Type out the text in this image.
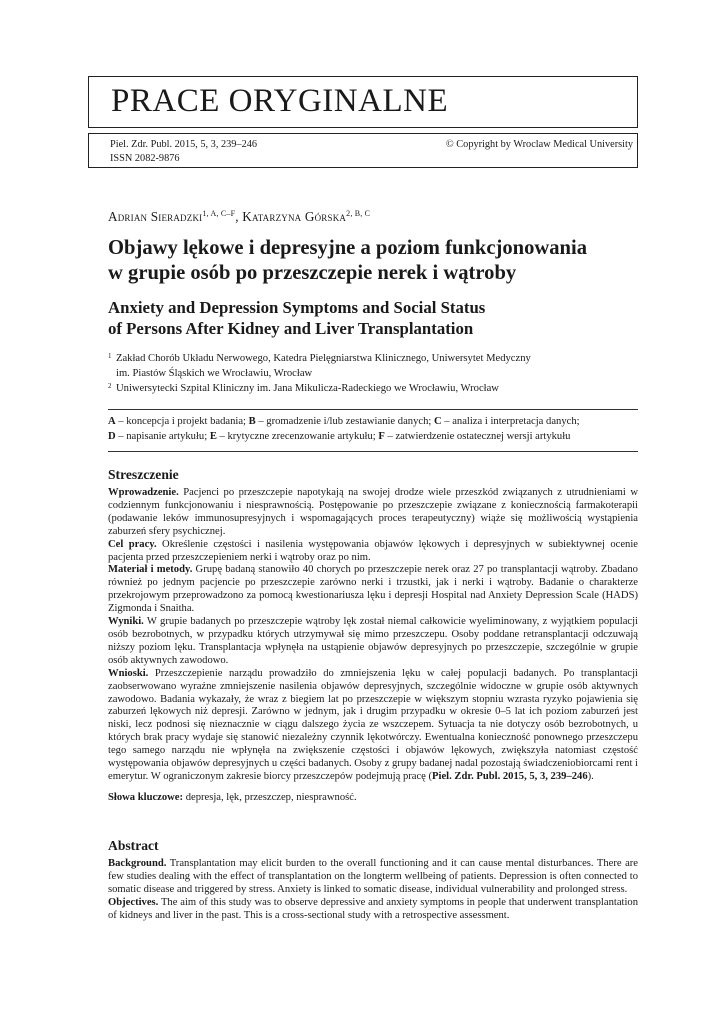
PRACE ORYGINALNE
Piel. Zdr. Publ. 2015, 5, 3, 239–246
ISSN 2082-9876
© Copyright by Wroclaw Medical University
Adrian Sieradzki$^{1, A, C-F}$, Katarzyna Górska$^{2, B, C}$
Objawy lękowe i depresyjne a poziom funkcjonowania
w grupie osób po przeszczepie nerek i wątroby
Anxiety and Depression Symptoms and Social Status
of Persons After Kidney and Liver Transplantation
1 Zakład Chorób Układu Nerwowego, Katedra Pielęgniarstwa Klinicznego, Uniwersytet Medyczny
im. Piastów Śląskich we Wrocławiu, Wrocław
2 Uniwersytecki Szpital Kliniczny im. Jana Mikulicza-Radeckiego we Wrocławiu, Wrocław
A – koncepcja i projekt badania; B – gromadzenie i/lub zestawianie danych; C – analiza i interpretacja danych;
D – napisanie artykułu; E – krytyczne zrecenzowanie artykułu; F – zatwierdzenie ostatecznej wersji artykułu
Streszczenie

Wprowadzenie. Pacjenci po przeszczepie napotykają na swojej drodze wiele przeszkód związanych z utrudnieniami w codziennym funkcjonowaniu i niesprawnością. Postępowanie po przeszczepie związane z koniecznością farmakoterapii (podawanie leków immunosupresyjnych i wspomagających proces terapeutyczny) wiąże się możliwością wystąpienia zaburzeń sfery psychicznej.

Cel pracy. Określenie częstości i nasilenia występowania objawów lękowych i depresyjnych w subiektywnej ocenie pacjenta przed przeszczepieniem nerki i wątroby oraz po nim.

Materiał i metody. Grupę badaną stanowiło 40 chorych po przeszczepie nerek oraz 27 po transplantacji wątroby. Zbadano również po jednym pacjencie po przeszczepie zarówno nerki i trzustki, jak i nerki i wątroby. Badanie o charakterze przekrojowym przeprowadzono za pomocą kwestionariusza lęku i depresji Hospital nad Anxiety Depression Scale (HADS) Zigmonda i Snaitha.

Wyniki. W grupie badanych po przeszczepie wątroby lęk został niemal całkowicie wyeliminowany, z wyjątkiem populacji osób bezrobotnych, w przypadku których utrzymywał się mimo przeszczepu. Osoby poddane retransplantacji odczuwają niższy poziom lęku. Transplantacja wpłynęła na ustąpienie objawów depresyjnych po przeszczepie, szczególnie w grupie osób aktywnych zawodowo.

Wnioski. Przeszczepienie narządu prowadziło do zmniejszenia lęku w całej populacji badanych. Po transplantacji zaobserwowano wyraźne zmniejszenie nasilenia objawów depresyjnych, szczególnie widoczne w grupie osób aktywnych zawodowo. Badania wykazały, że wraz z biegiem lat po przeszczepie w większym stopniu wzrasta ryzyko pojawienia się zaburzeń lękowych niż depresji. Zarówno w jednym, jak i drugim przypadku w okresie 0–5 lat ich poziom zaburzeń jest niski, lecz podnosi się nieznacznie w ciągu dalszego życia ze wszczepem. Sytuacja ta nie dotyczy osób bezrobotnych, u których brak pracy wydaje się stanowić niezależny czynnik lękotwórczy. Ewentualna konieczność ponownego przeszczepu tego samego narządu nie wpłynęła na zwiększenie częstości i objawów lękowych, zwiększyła natomiast częstość występowania objawów depresyjnych u części badanych. Osoby z grupy badanej nadal pozostają świadczeniobiorcami rent i emerytur. W ograniczonym zakresie biorcy przeszczepów podejmują pracę (Piel. Zdr. Publ. 2015, 5, 3, 239–246).

Słowa kluczowe: depresja, lęk, przeszczep, niesprawność.

Abstract

Background. Transplantation may elicit burden to the overall functioning and it can cause mental disturbances. There are few studies dealing with the effect of transplantation on the longterm wellbeing of patients. Depression is often connected to somatic disease and triggered by stress. Anxiety is linked to somatic disease, individual vulnerability and prolonged stress.

Objectives. The aim of this study was to observe depressive and anxiety symptoms in people that underwent transplantation of kidneys and liver in the past. This is a cross-sectional study with a retrospective assessment.
